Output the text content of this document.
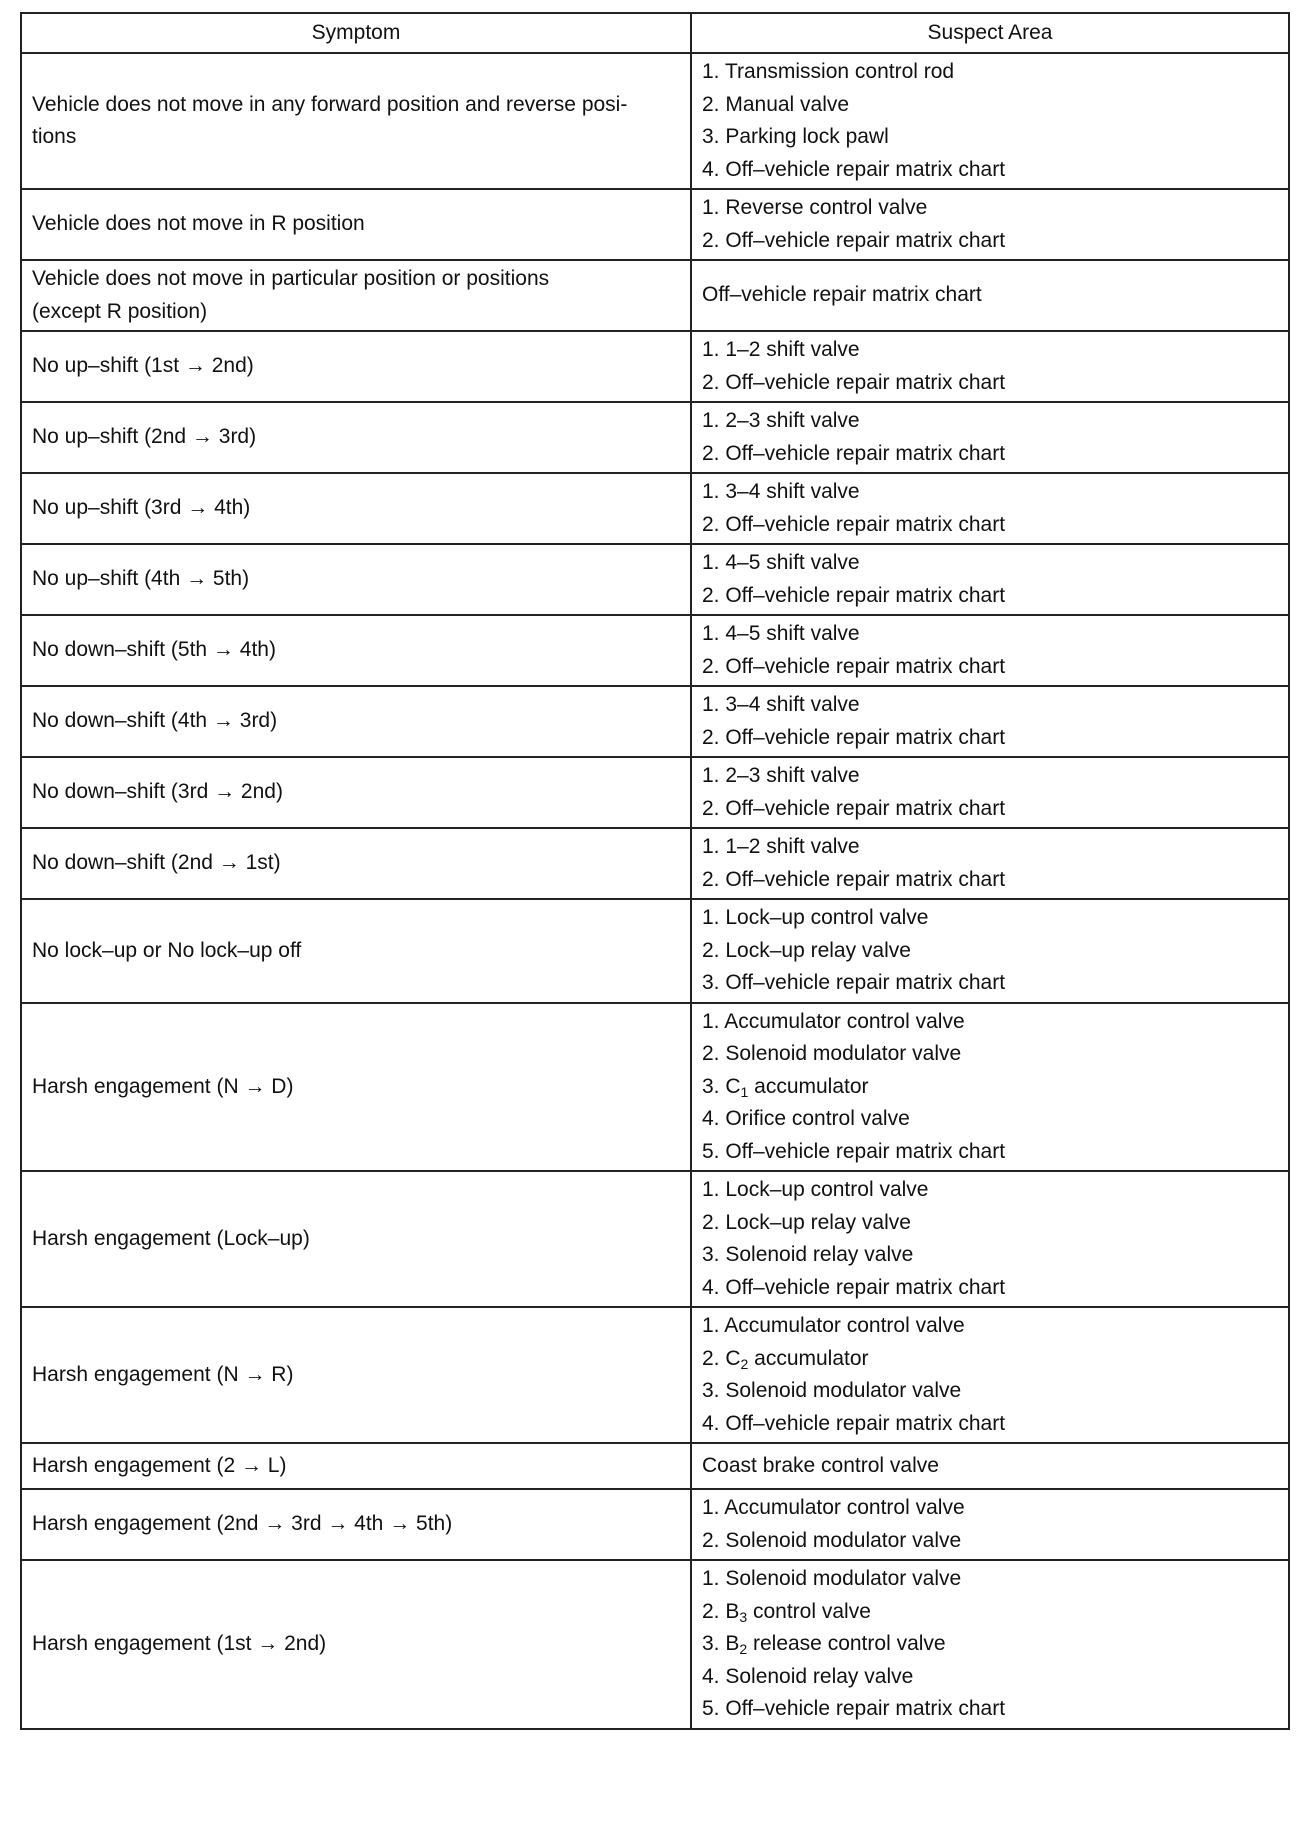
Symptom	Suspect Area

Vehicle does not move in any forward position and reverse posi-
tions	1. Transmission control rod
2. Manual valve
3. Parking lock pawl
4. Off–vehicle repair matrix chart

Vehicle does not move in R position	1. Reverse control valve
2. Off–vehicle repair matrix chart

Vehicle does not move in particular position or positions
(except R position)	Off–vehicle repair matrix chart

No up–shift (1st → 2nd)	1. 1–2 shift valve
2. Off–vehicle repair matrix chart

No up–shift (2nd → 3rd)	1. 2–3 shift valve
2. Off–vehicle repair matrix chart

No up–shift (3rd → 4th)	1. 3–4 shift valve
2. Off–vehicle repair matrix chart

No up–shift (4th → 5th)	1. 4–5 shift valve
2. Off–vehicle repair matrix chart

No down–shift (5th → 4th)	1. 4–5 shift valve
2. Off–vehicle repair matrix chart

No down–shift (4th → 3rd)	1. 3–4 shift valve
2. Off–vehicle repair matrix chart

No down–shift (3rd → 2nd)	1. 2–3 shift valve
2. Off–vehicle repair matrix chart

No down–shift (2nd → 1st)	1. 1–2 shift valve
2. Off–vehicle repair matrix chart

No lock–up or No lock–up off	1. Lock–up control valve
2. Lock–up relay valve
3. Off–vehicle repair matrix chart

Harsh engagement (N → D)	1. Accumulator control valve
2. Solenoid modulator valve
3. $C_1$ accumulator
4. Orifice control valve
5. Off–vehicle repair matrix chart

Harsh engagement (Lock–up)	1. Lock–up control valve
2. Lock–up relay valve
3. Solenoid relay valve
4. Off–vehicle repair matrix chart

Harsh engagement (N → R)	1. Accumulator control valve
2. $C_2$ accumulator
3. Solenoid modulator valve
4. Off–vehicle repair matrix chart

Harsh engagement (2 → L)	Coast brake control valve

Harsh engagement (2nd → 3rd → 4th → 5th)	1. Accumulator control valve
2. Solenoid modulator valve

Harsh engagement (1st → 2nd)	1. Solenoid modulator valve
2. $B_3$ control valve
3. $B_2$ release control valve
4. Solenoid relay valve
5. Off–vehicle repair matrix chart
